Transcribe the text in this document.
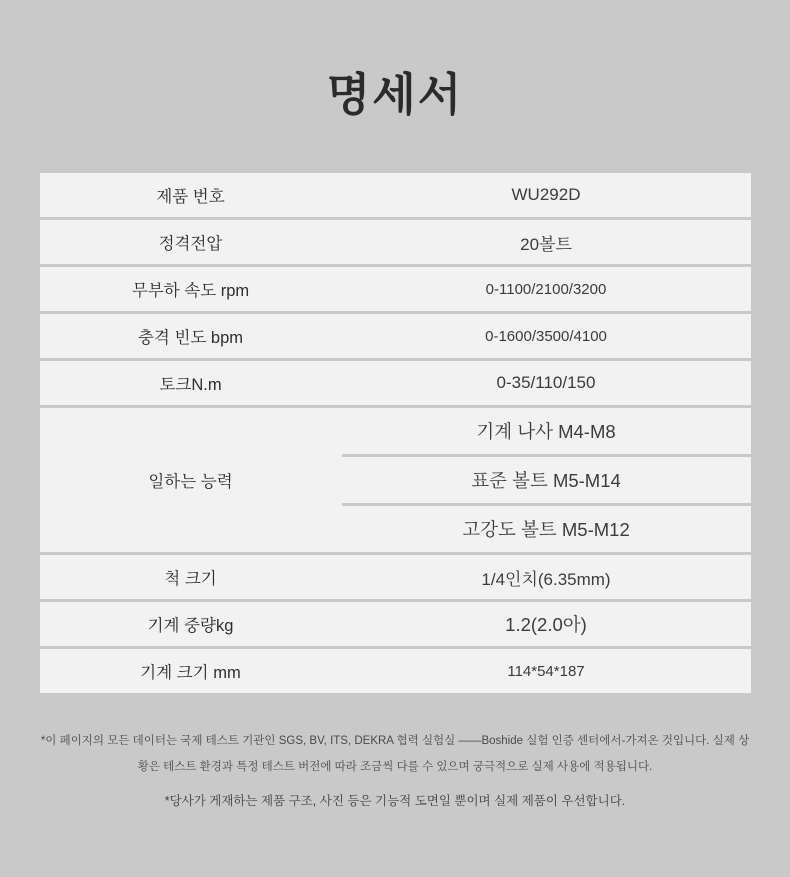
명세서
제품 번호	WU292D
정격전압	20볼트
무부하 속도 rpm	0-1100/2100/3200
충격 빈도 bpm	0-1600/3500/4100
토크N.m	0-35/110/150
일하는 능력	기계 나사 M4-M8
	표준 볼트 M5-M14
	고강도 볼트 M5-M12
척 크기	1/4인치(6.35mm)
기계 중량kg	1.2(2.0아)
기계 크기 mm	114*54*187

*이 페이지의 모든 데이터는 국제 테스트 기관인 SGS, BV, ITS, DEKRA 협력 실험실 ——Boshide 실험 인증 센터에서-가져온 것입니다. 실제 상

황은 테스트 환경과 특정 테스트 버전에 따라 조금씩 다를 수 있으며 궁극적으로 실제 사용에 적용됩니다.

*당사가 게재하는 제품 구조, 사진 등은 기능적 도면일 뿐이며 실제 제품이 우선합니다.
